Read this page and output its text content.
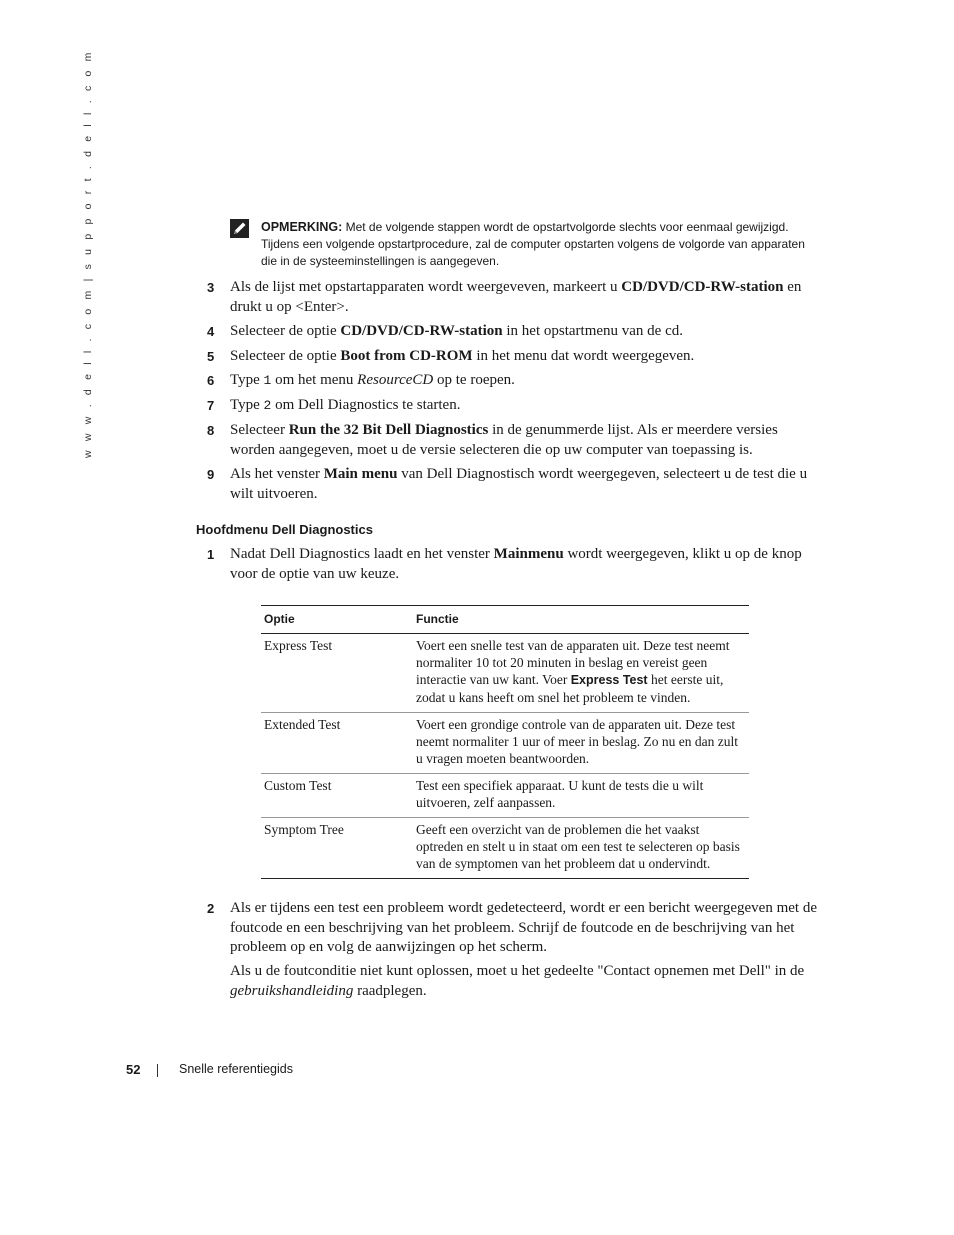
w w w . d e l l . c o m | s u p p o r t . d e l l . c o m	OPMERKING: Met de volgende stappen wordt de opstartvolgorde slechts voor eenmaal gewijzigd. Tijdens een volgende opstartprocedure, zal de computer opstarten volgens de volgorde van apparaten die in de systeeminstellingen is aangegeven.
3	Als de lijst met opstartapparaten wordt weergeveven, markeert u CD/DVD/CD-RW-station en drukt u op <Enter>.
4	Selecteer de optie CD/DVD/CD-RW-station in het opstartmenu van de cd.
5	Selecteer de optie Boot from CD-ROM in het menu dat wordt weergegeven.
6	Type 1 om het menu ResourceCD op te roepen.
7	Type 2 om Dell Diagnostics te starten.
8	Selecteer Run the 32 Bit Dell Diagnostics in de genummerde lijst. Als er meerdere versies worden aangegeven, moet u de versie selecteren die op uw computer van toepassing is.
9	Als het venster Main menu van Dell Diagnostisch wordt weergegeven, selecteert u de test die u wilt uitvoeren.
Hoofdmenu Dell Diagnostics
1	Nadat Dell Diagnostics laadt en het venster Mainmenu wordt weergegeven, klikt u op de knop voor de optie van uw keuze.
Optie	Functie
Express Test	Voert een snelle test van de apparaten uit. Deze test neemt normaliter 10 tot 20 minuten in beslag en vereist geen interactie van uw kant. Voer Express Test het eerste uit, zodat u kans heeft om snel het probleem te vinden.
Extended Test	Voert een grondige controle van de apparaten uit. Deze test neemt normaliter 1 uur of meer in beslag. Zo nu en dan zult u vragen moeten beantwoorden.
Custom Test	Test een specifiek apparaat. U kunt de tests die u wilt uitvoeren, zelf aanpassen.
Symptom Tree	Geeft een overzicht van de problemen die het vaakst optreden en stelt u in staat om een test te selecteren op basis van de symptomen van het probleem dat u ondervindt.
2	Als er tijdens een test een probleem wordt gedetecteerd, wordt er een bericht weergegeven met de foutcode en een beschrijving van het probleem. Schrijf de foutcode en de beschrijving van het probleem op en volg de aanwijzingen op het scherm.
Als u de foutconditie niet kunt oplossen, moet u het gedeelte "Contact opnemen met Dell" in de gebruikshandleiding raadplegen.
52	Snelle referentiegids
